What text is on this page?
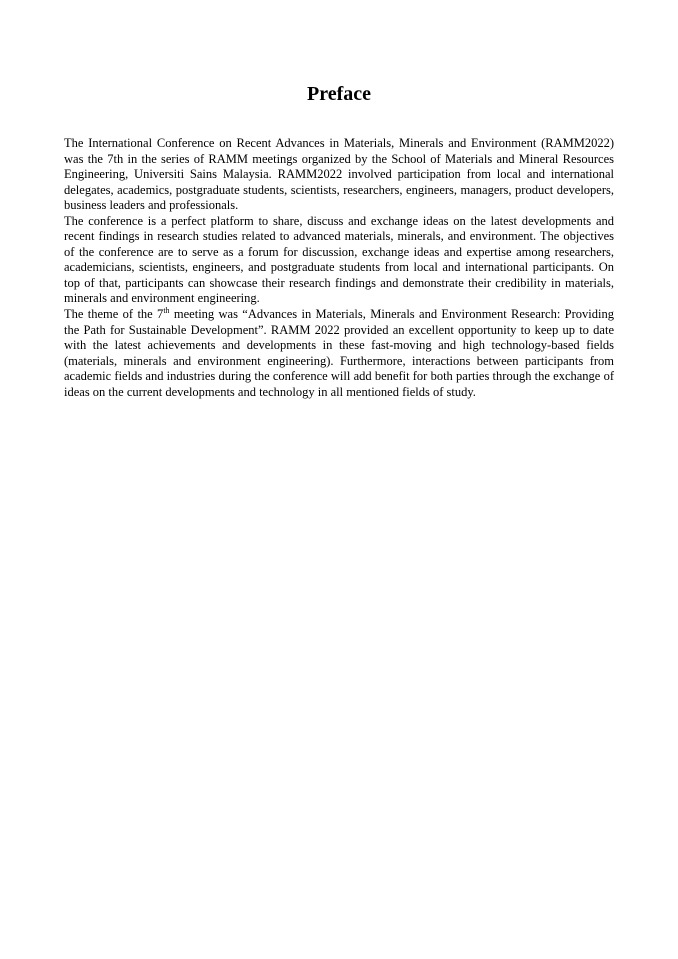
Preface

The International Conference on Recent Advances in Materials, Minerals and Environment (RAMM2022) was the 7th in the series of RAMM meetings organized by the School of Materials and Mineral Resources Engineering, Universiti Sains Malaysia. RAMM2022 involved participation from local and international delegates, academics, postgraduate students, scientists, researchers, engineers, managers, product developers, business leaders and professionals.

The conference is a perfect platform to share, discuss and exchange ideas on the latest developments and recent findings in research studies related to advanced materials, minerals, and environment. The objectives of the conference are to serve as a forum for discussion, exchange ideas and expertise among researchers, academicians, scientists, engineers, and postgraduate students from local and international participants. On top of that, participants can showcase their research findings and demonstrate their credibility in materials, minerals and environment engineering.

The theme of the 7th meeting was “Advances in Materials, Minerals and Environment Research: Providing the Path for Sustainable Development”. RAMM 2022 provided an excellent opportunity to keep up to date with the latest achievements and developments in these fast-moving and high technology-based fields (materials, minerals and environment engineering). Furthermore, interactions between participants from academic fields and industries during the conference will add benefit for both parties through the exchange of ideas on the current developments and technology in all mentioned fields of study.
